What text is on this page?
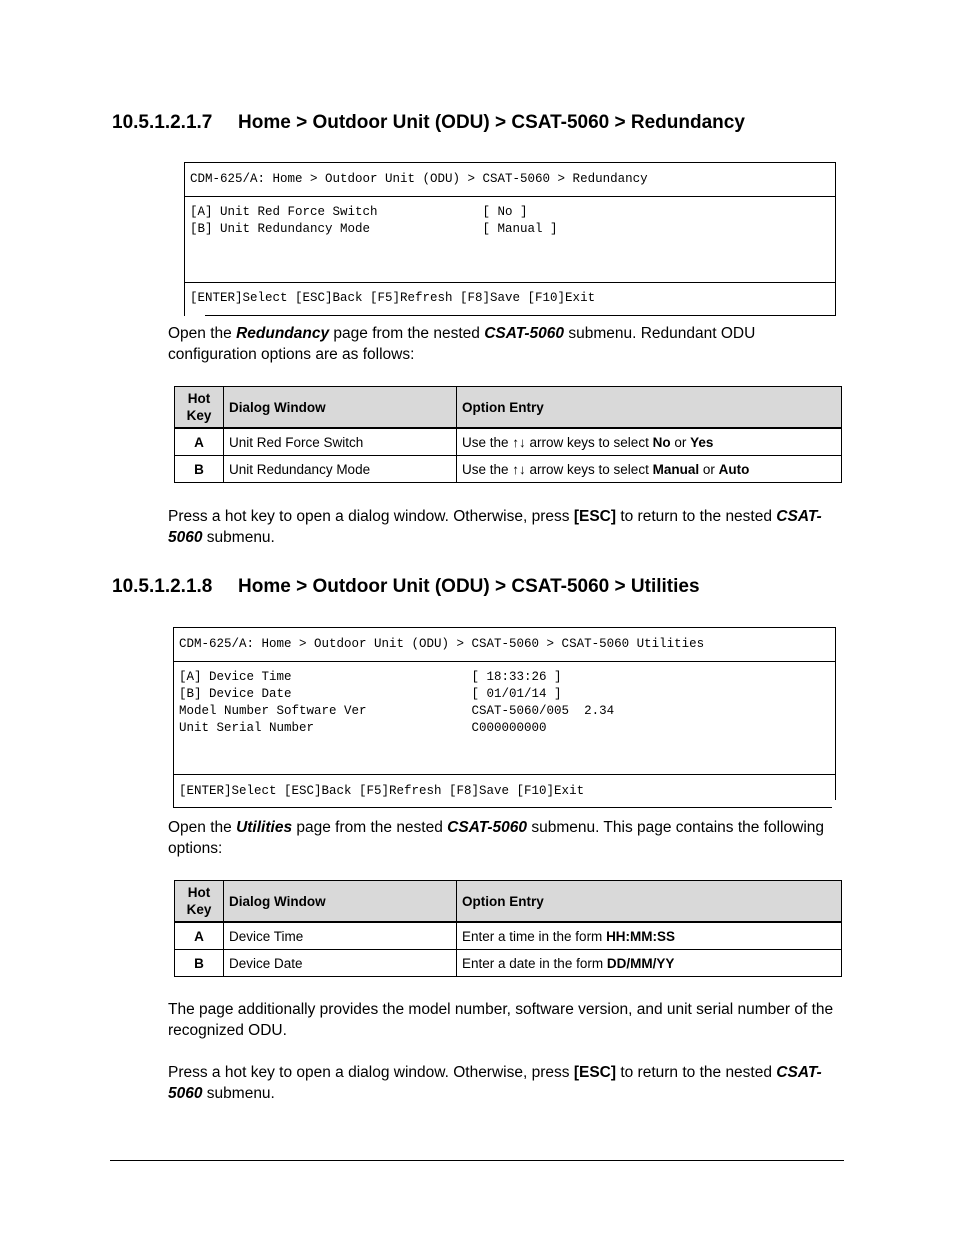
10.5.1.2.1.7 Home > Outdoor Unit (ODU) > CSAT-5060 > Redundancy
CDM-625/A: Home > Outdoor Unit (ODU) > CSAT-5060 > Redundancy
[A] Unit Red Force Switch              [ No ]
[B] Unit Redundancy Mode               [ Manual ]
[ENTER]Select [ESC]Back [F5]Refresh [F8]Save [F10]Exit
Open the Redundancy page from the nested CSAT-5060 submenu. Redundant ODU configuration options are as follows:
Hot
Key	Dialog Window	Option Entry
A	Unit Red Force Switch	Use the ↑↓ arrow keys to select No or Yes
B	Unit Redundancy Mode	Use the ↑↓ arrow keys to select Manual or Auto
Press a hot key to open a dialog window. Otherwise, press [ESC] to return to the nested CSAT-5060 submenu.
10.5.1.2.1.8 Home > Outdoor Unit (ODU) > CSAT-5060 > Utilities
CDM-625/A: Home > Outdoor Unit (ODU) > CSAT-5060 > CSAT-5060 Utilities
[A] Device Time                        [ 18:33:26 ]
[B] Device Date                        [ 01/01/14 ]
Model Number Software Ver              CSAT-5060/005  2.34
Unit Serial Number                     C000000000
[ENTER]Select [ESC]Back [F5]Refresh [F8]Save [F10]Exit
Open the Utilities page from the nested CSAT-5060 submenu. This page contains the following options:
Hot
Key	Dialog Window	Option Entry
A	Device Time	Enter a time in the form HH:MM:SS
B	Device Date	Enter a date in the form DD/MM/YY
The page additionally provides the model number, software version, and unit serial number of the recognized ODU.
Press a hot key to open a dialog window. Otherwise, press [ESC] to return to the nested CSAT-5060 submenu.
